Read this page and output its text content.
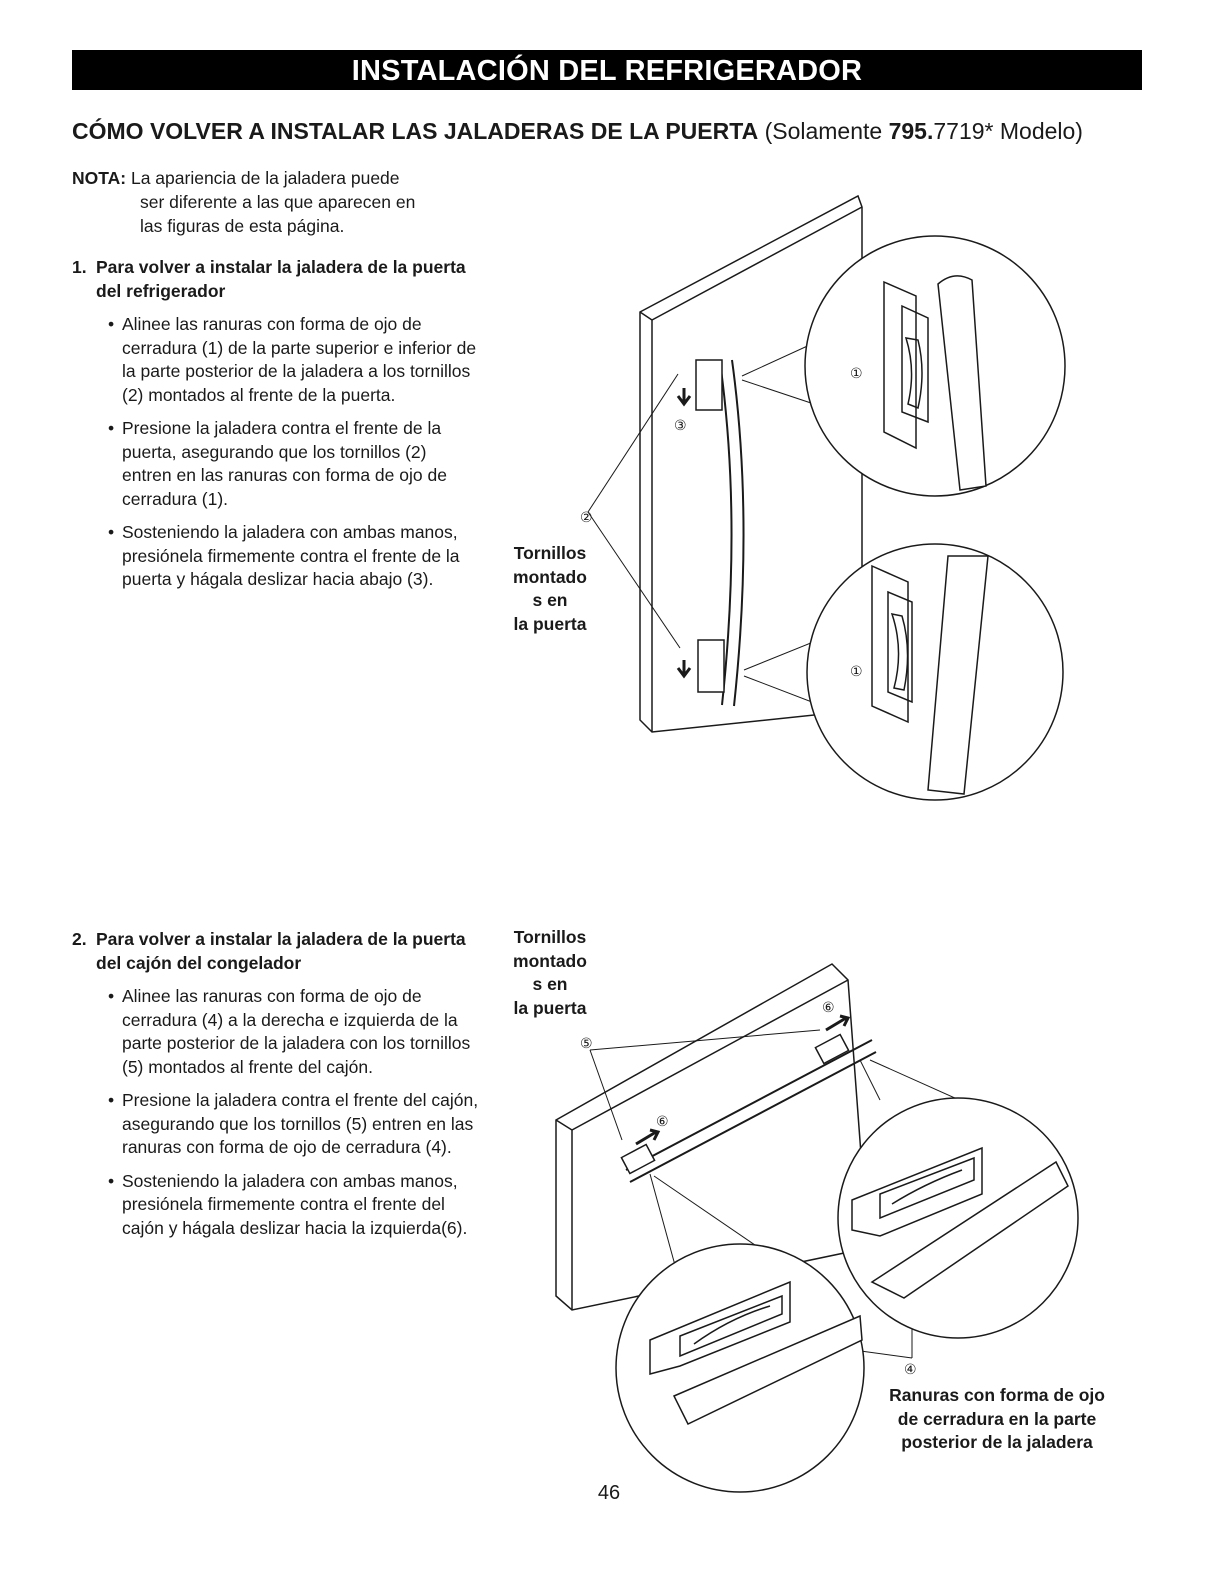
INSTALACIÓN DEL REFRIGERADOR
CÓMO VOLVER A INSTALAR LAS JALADERAS DE LA PUERTA (Solamente 795.7719* Modelo)
NOTA: La apariencia de la jaladera puede
ser diferente a las que aparecen en
las figuras de esta página.
1. Para volver a instalar la jaladera de la puerta del refrigerador
• Alinee las ranuras con forma de ojo de cerradura (1) de la parte superior e inferior de la parte posterior de la jaladera a los tornillos (2) montados al frente de la puerta.
• Presione la jaladera contra el frente de la puerta, asegurando que los tornillos (2) entren en las ranuras con forma de ojo de cerradura (1).
• Sosteniendo la jaladera con ambas manos, presiónela firmemente contra el frente de la puerta y hágala deslizar hacia abajo (3).
2. Para volver a instalar la jaladera de la puerta del cajón del congelador
• Alinee las ranuras con forma de ojo de cerradura (4) a la derecha e izquierda de la parte posterior de la jaladera con los tornillos (5) montados al frente del cajón.
• Presione la jaladera contra el frente del cajón, asegurando que los tornillos (5) entren en las ranuras con forma de ojo de cerradura (4).
• Sosteniendo la jaladera con ambas manos, presiónela firmemente contra el frente del cajón y hágala deslizar hacia la izquierda(6).
①
①
③
②
Tornillos
montado
s en
la puerta
⑤
⑥
⑥
④
Tornillos
montado
s en
la puerta
Ranuras con forma de ojo
de cerradura en la parte
posterior de la jaladera
46
